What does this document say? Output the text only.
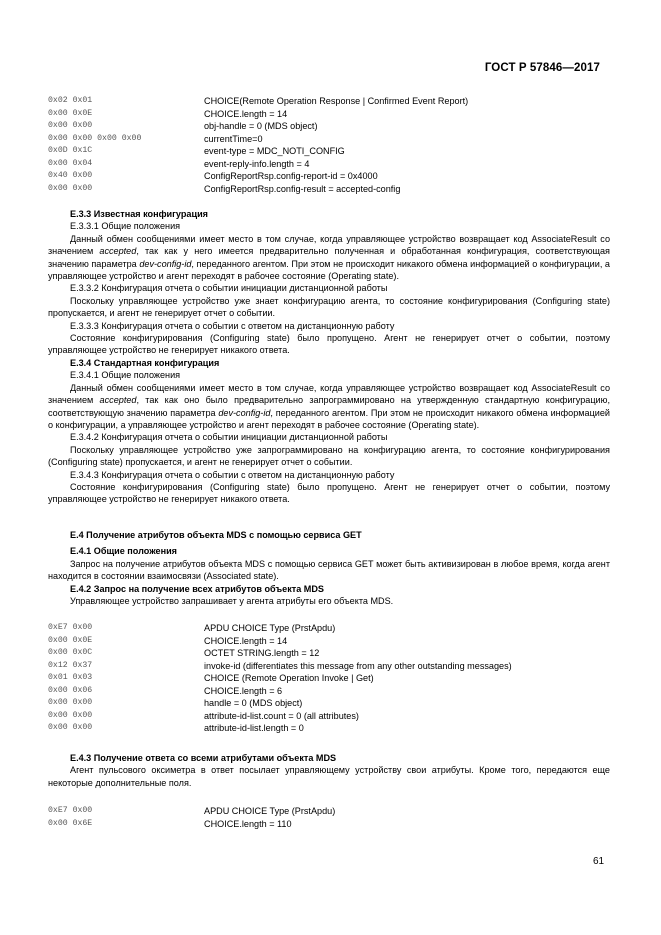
ГОСТ Р 57846—2017
0x02 0x01	CHOICE(Remote Operation Response | Confirmed Event Report)
0x00 0x0E	CHOICE.length = 14
0x00 0x00	obj-handle = 0 (MDS object)
0x00 0x00 0x00 0x00	currentTime=0
0x0D 0x1C	event-type = MDC_NOTI_CONFIG
0x00 0x04	event-reply-info.length = 4
0x40 0x00	ConfigReportRsp.config-report-id = 0x4000
0x00 0x00	ConfigReportRsp.config-result = accepted-config

Е.3.3 Известная конфигурация

Е.3.3.1 Общие положения

Данный обмен сообщениями имеет место в том случае, когда управляющее устройство возвращает код AssociateResult со значением accepted, так как у него имеется предварительно полученная и обработанная конфигурация, соответствующая значению параметра dev-config-id, переданного агентом. При этом не происходит никакого обмена информацией о конфигурации, а управляющее устройство и агент переходят в рабочее состояние (Operating state).

Е.3.3.2 Конфигурация отчета о событии инициации дистанционной работы

Поскольку управляющее устройство уже знает конфигурацию агента, то состояние конфигурирования (Configuring state) пропускается, и агент не генерирует отчет о событии.

Е.3.3.3 Конфигурация отчета о событии с ответом на дистанционную работу

Состояние конфигурирования (Configuring state) было пропущено. Агент не генерирует отчет о событии, поэтому управляющее устройство не генерирует никакого ответа.

Е.3.4 Стандартная конфигурация

Е.3.4.1 Общие положения

Данный обмен сообщениями имеет место в том случае, когда управляющее устройство возвращает код AssociateResult со значением accepted, так как оно было предварительно запрограммировано на утвержденную стандартную конфигурацию, соответствующую значению параметра dev-config-id, переданного агентом. При этом не происходит никакого обмена информацией о конфигурации, а управляющее устройство и агент переходят в рабочее состояние (Operating state).

Е.3.4.2 Конфигурация отчета о событии инициации дистанционной работы

Поскольку управляющее устройство уже запрограммировано на конфигурацию агента, то состояние конфигурирования (Configuring state) пропускается, и агент не генерирует отчет о событии.

Е.3.4.3 Конфигурация отчета о событии с ответом на дистанционную работу

Состояние конфигурирования (Configuring state) было пропущено. Агент не генерирует отчет о событии, поэтому управляющее устройство не генерирует никакого ответа.

Е.4 Получение атрибутов объекта MDS с помощью сервиса GET

Е.4.1 Общие положения

Запрос на получение атрибутов объекта MDS с помощью сервиса GET может быть активизирован в любое время, когда агент находится в состоянии взаимосвязи (Associated state).

Е.4.2 Запрос на получение всех атрибутов объекта MDS

Управляющее устройство запрашивает у агента атрибуты его объекта MDS.

0xE7 0x00	APDU CHOICE Type (PrstApdu)
0x00 0x0E	CHOICE.length = 14
0x00 0x0C	OCTET STRING.length = 12
0x12 0x37	invoke-id (differentiates this message from any other outstanding messages)
0x01 0x03	CHOICE (Remote Operation Invoke | Get)
0x00 0x06	CHOICE.length = 6
0x00 0x00	handle = 0 (MDS object)
0x00 0x00	attribute-id-list.count = 0 (all attributes)
0x00 0x00	attribute-id-list.length = 0

Е.4.3 Получение ответа со всеми атрибутами объекта MDS

Агент пульсового оксиметра в ответ посылает управляющему устройству свои атрибуты. Кроме того, передаются еще некоторые дополнительные поля.

0xE7 0x00	APDU CHOICE Type (PrstApdu)
0x00 0x6E	CHOICE.length = 110
61
